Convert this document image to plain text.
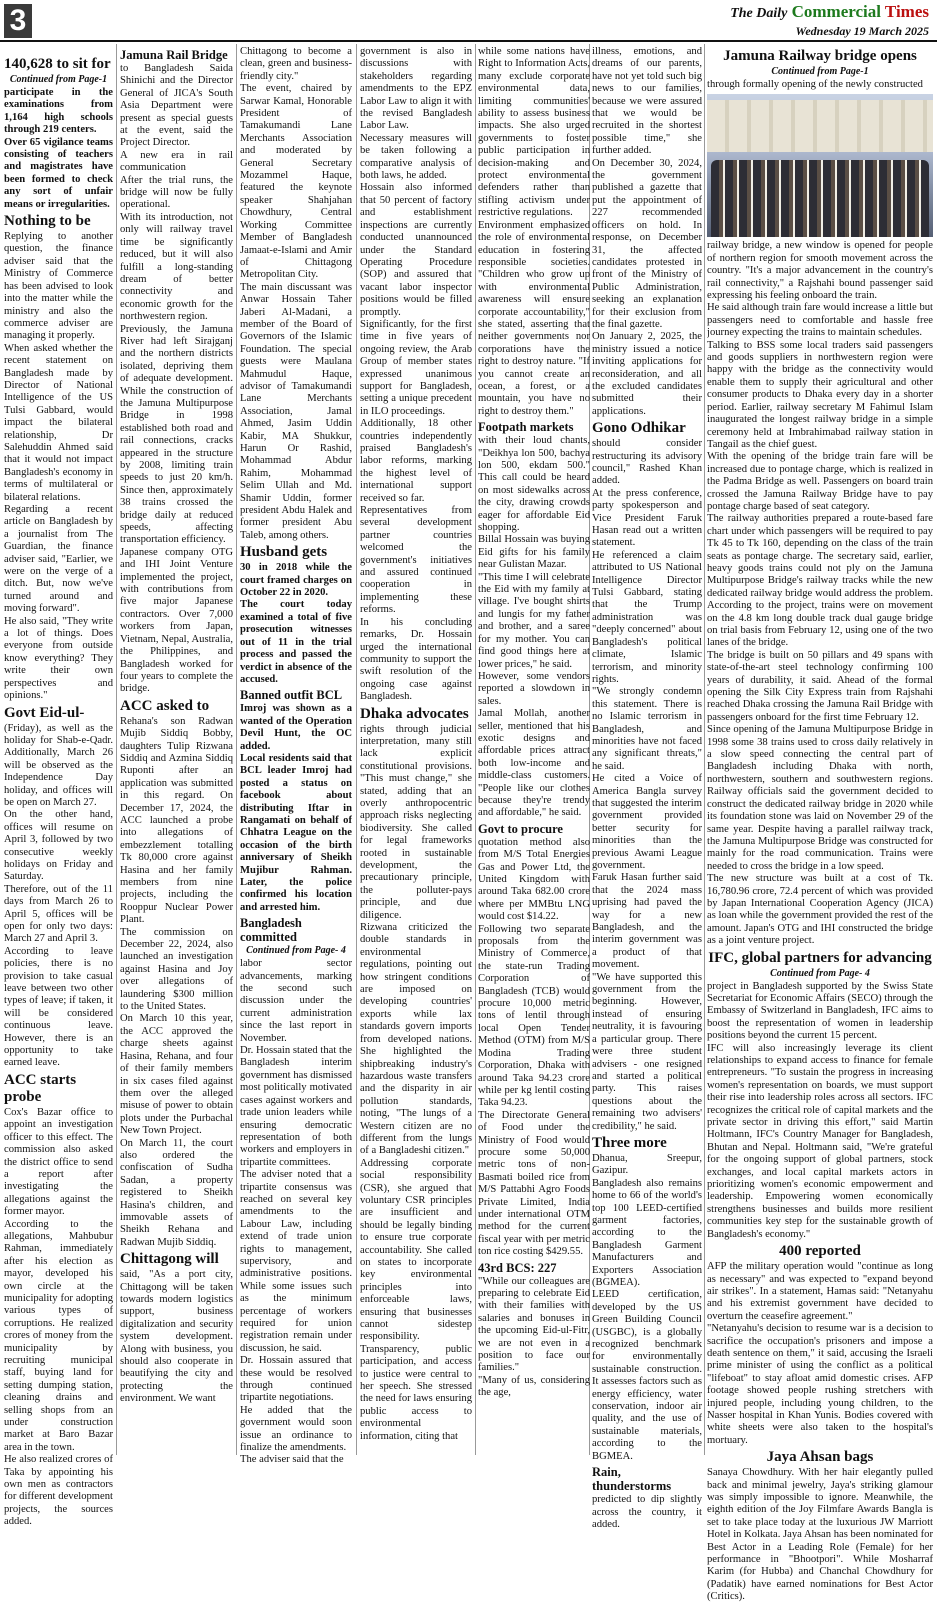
3	The Daily Commercial Times
Wednesday 19 March 2025
140,628 to sit for
Continued from Page-1

participate in the examinations from 1,164 high schools through 219 centers.

Over 65 vigilance teams consisting of teachers and magistrates have been formed to check any sort of unfair means or irregularities.

Nothing to be

Replying to another question, the finance adviser said that the Ministry of Commerce has been advised to look into the matter while the ministry and also the commerce adviser are managing it properly.

When asked whether the recent statement on Bangladesh made by Director of National Intelligence of the US Tulsi Gabbard, would impact the bilateral relationship, Dr Salehuddin Ahmed said that it would not impact Bangladesh's economy in terms of multilateral or bilateral relations.

Regarding a recent article on Bangladesh by a journalist from The Guardian, the finance adviser said, "Earlier, we were on the verge of a ditch. But, now we've turned around and moving forward".

He also said, "They write a lot of things. Does everyone from outside know everything? They write their own perspectives and opinions."

Govt Eid-ul-

(Friday), as well as the holiday for Shab-e-Qadr. Additionally, March 26 will be observed as the Independence Day holiday, and offices will be open on March 27.

On the other hand, offices will resume on April 3, followed by two consecutive weekly holidays on Friday and Saturday.

Therefore, out of the 11 days from March 26 to April 5, offices will be open for only two days: March 27 and April 3.

According to leave policies, there is no provision to take casual leave between two other types of leave; if taken, it will be considered continuous leave. However, there is an opportunity to take earned leave.

ACC starts probe

Cox's Bazar office to appoint an investigation officer to this effect. The commission also asked the district office to send a report after investigating the allegations against the former mayor.

According to the allegations, Mahbubur Rahman, immediately after his election as mayor, developed his own circle at the municipality for adopting various types of corruptions. He realized crores of money from the municipality by recruiting municipal staff, buying land for setting dumping station, cleaning drains and selling shops from an under construction market at Baro Bazar area in the town.

He also realized crores of Taka by appointing his own men as contractors for different development projects, the sources added.

Jamuna Rail Bridge

to Bangladesh Saida Shinichi and the Director General of JICA's South Asia Department were present as special guests at the event, said the Project Director.

A new era in rail communication

After the trial runs, the bridge will now be fully operational.

With its introduction, not only will railway travel time be significantly reduced, but it will also fulfill a long-standing dream of better connectivity and economic growth for the northwestern region.

Previously, the Jamuna River had left Sirajganj and the northern districts isolated, depriving them of adequate development. While the construction of the Jamuna Multipurpose Bridge in 1998 established both road and rail connections, cracks appeared in the structure by 2008, limiting train speeds to just 20 km/h. Since then, approximately 38 trains crossed the bridge daily at reduced speeds, affecting transportation efficiency.

Japanese company OTG and IHI Joint Venture implemented the project, with contributions from five major Japanese contractors. Over 7,000 workers from Japan, Vietnam, Nepal, Australia, the Philippines, and Bangladesh worked for four years to complete the bridge.

ACC asked to

Rehana's son Radwan Mujib Siddiq Bobby, daughters Tulip Rizwana Siddiq and Azmina Siddiq Ruponti after an application was submitted in this regard. On December 17, 2024, the ACC launched a probe into allegations of embezzlement totalling Tk 80,000 crore against Hasina and her family members from nine projects, including the Rooppur Nuclear Power Plant.

The commission on December 22, 2024, also launched an investigation against Hasina and Joy over allegations of laundering $300 million to the United States.

On March 10 this year, the ACC approved the charge sheets against Hasina, Rehana, and four of their family members in six cases filed against them over the alleged misuse of power to obtain plots under the Purbachal New Town Project.

On March 11, the court also ordered the confiscation of Sudha Sadan, a property registered to Sheikh Hasina's children, and immovable assets of Sheikh Rehana and Radwan Mujib Siddiq.

Chittagong will

said, "As a port city, Chittagong will be taken towards modern logistics support, business digitalization and security system development. Along with business, you should also cooperate in beautifying the city and protecting the environment. We want

Chittagong to become a clean, green and business-friendly city."

The event, chaired by Sarwar Kamal, Honorable President of Tamakumandi Lane Merchants Association and moderated by General Secretary Mozammel Haque, featured the keynote speaker Shahjahan Chowdhury, Central Working Committee Member of Bangladesh Jamaat-e-Islami and Amir of Chittagong Metropolitan City.

The main discussant was Anwar Hossain Taher Jaberi Al-Madani, a member of the Board of Governors of the Islamic Foundation. The special guests were Maulana Mahmudul Haque, advisor of Tamakumandi Lane Merchants Association, Jamal Ahmed, Jasim Uddin Kabir, MA Shukkur, Harun Or Rashid, Mohammad Abdur Rahim, Mohammad Selim Ullah and Md. Shamir Uddin, former president Abdu Halek and former president Abu Taleb, among others.

Husband gets

30 in 2018 while the court framed charges on October 22 in 2020.

The court today examined a total of five prosecution witnesses out of 11 in the trial process and passed the verdict in absence of the accused.

Banned outfit BCL

Imroj was shown as a wanted of the Operation Devil Hunt, the OC added.

Local residents said that BCL leader Imroj had posted a status on facebook about distributing Iftar in Rangamati on behalf of Chhatra League on the occasion of the birth anniversary of Sheikh Mujibur Rahman. Later, the police confirmed his location and arrested him.

Bangladesh committed
Continued from Page- 4

labor sector advancements, marking the second such discussion under the current administration since the last report in November.

Dr. Hossain stated that the Bangladesh interim government has dismissed most politically motivated cases against workers and trade union leaders while ensuring democratic representation of both workers and employers in tripartite committees.

The adviser noted that a tripartite consensus was reached on several key amendments to the Labour Law, including extend of trade union rights to management, supervisory, and administrative positions. While some issues such as the minimum percentage of workers required for union registration remain under discussion, he said.

Dr. Hossain assured that these would be resolved through continued tripartite negotiations.

He added that the government would soon issue an ordinance to finalize the amendments.

The adviser said that the

government is also in discussions with stakeholders regarding amendments to the EPZ Labor Law to align it with the revised Bangladesh Labor Law.

Necessary measures will be taken following a comparative analysis of both laws, he added.

Hossain also informed that 50 percent of factory and establishment inspections are currently conducted unannounced under the Standard Operating Procedure (SOP) and assured that vacant labor inspector positions would be filled promptly.

Significantly, for the first time in five years of ongoing review, the Arab Group of member states expressed unanimous support for Bangladesh, setting a unique precedent in ILO proceedings.

Additionally, 18 other countries independently praised Bangladesh's labor reforms, marking the highest level of international support received so far.

Representatives from several development partner countries welcomed the government's initiatives and assured continued cooperation in implementing these reforms.

In his concluding remarks, Dr. Hossain urged the international community to support the swift resolution of the ongoing case against Bangladesh.

Dhaka advocates

rights through judicial interpretation, many still lack explicit constitutional provisions. "This must change," she stated, adding that an overly anthropocentric approach risks neglecting biodiversity. She called for legal frameworks rooted in sustainable development, the precautionary principle, the polluter-pays principle, and due diligence.

Rizwana criticized the double standards in environmental regulations, pointing out how stringent conditions are imposed on developing countries' exports while lax standards govern imports from developed nations. She highlighted the shipbreaking industry's hazardous waste transfers and the disparity in air pollution standards, noting, "The lungs of a Western citizen are no different from the lungs of a Bangladeshi citizen."

Addressing corporate social responsibility (CSR), she argued that voluntary CSR principles are insufficient and should be legally binding to ensure true corporate accountability. She called on states to incorporate key environmental principles into enforceable laws, ensuring that businesses cannot sidestep responsibility.

Transparency, public participation, and access to justice were central to her speech. She stressed the need for laws ensuring public access to environmental information, citing that

while some nations have Right to Information Acts, many exclude corporate environmental data, limiting communities' ability to assess business impacts. She also urged governments to foster public participation in decision-making and protect environmental defenders rather than stifling activism under restrictive regulations.

Environment emphasized the role of environmental education in fostering responsible societies. "Children who grow up with environmental awareness will ensure corporate accountability," she stated, asserting that neither governments nor corporations have the right to destroy nature. "If you cannot create an ocean, a forest, or a mountain, you have no right to destroy them."

Footpath markets

with their loud chants, "Deikhya lon 500, bachya lon 500, ekdam 500." This call could be heard on most sidewalks across the city, drawing crowds eager for affordable Eid shopping.

Billal Hossain was buying Eid gifts for his family near Gulistan Mazar.

"This time I will celebrate the Eid with my family at village. I've bought shirts and lungis for my father and brother, and a saree for my mother. You can find good things here at lower prices," he said.

However, some vendors reported a slowdown in sales.

Jamal Mollah, another seller, mentioned that his exotic designs and affordable prices attract both low-income and middle-class customers. "People like our clothes because they're trendy and affordable," he said.

Govt to procure

quotation method also from M/S Total Energies Gas and Power Ltd, the United Kingdom with around Taka 682.00 crore where per MMBtu LNG would cost $14.22.

Following two separate proposals from the Ministry of Commerce, the state-run Trading Corporation of Bangladesh (TCB) would procure 10,000 metric tons of lentil through local Open Tender Method (OTM) from M/S Modina Trading Corporation, Dhaka with around Taka 94.23 crore while per kg lentil costing Taka 94.23.

The Directorate General of Food under the Ministry of Food would procure some 50,000 metric tons of non-Basmati boiled rice from M/S Pattabhi Agro Foods Private Limited, India under international OTM method for the current fiscal year with per metric ton rice costing $429.55.

43rd BCS: 227

"While our colleagues are preparing to celebrate Eid with their families with salaries and bonuses in the upcoming Eid-ul-Fitr, we are not even in a position to face our families."

"Many of us, considering the age,

illness, emotions, and dreams of our parents, have not yet told such big news to our families, because we were assured that we would be recruited in the shortest possible time," she further added.

On December 30, 2024, the government published a gazette that put the appointment of 227 recommended officers on hold. In response, on December 31, the affected candidates protested in front of the Ministry of Public Administration, seeking an explanation for their exclusion from the final gazette.

On January 2, 2025, the ministry issued a notice inviting applications for reconsideration, and all the excluded candidates submitted their applications.

Gono Odhikar

should consider restructuring its advisory council," Rashed Khan added.

At the press conference, party spokesperson and Vice President Faruk Hasan read out a written statement.

He referenced a claim attributed to US National Intelligence Director Tulsi Gabbard, stating that the Trump administration was "deeply concerned" about Bangladesh's political climate, Islamic terrorism, and minority rights.

"We strongly condemn this statement. There is no Islamic terrorism in Bangladesh, and minorities have not faced any significant threats," he said.

He cited a Voice of America Bangla survey that suggested the interim government provided better security for minorities than the previous Awami League government.

Faruk Hasan further said that the 2024 mass uprising had paved the way for a new Bangladesh, and the interim government was a product of that movement.

"We have supported this government from the beginning. However, instead of ensuring neutrality, it is favouring a particular group. There were three student advisers - one resigned and started a political party. This raises questions about the remaining two advisers' credibility," he said.

Three more

Dhanua, Sreepur, Gazipur.

Bangladesh also remains home to 66 of the world's top 100 LEED-certified garment factories, according to the Bangladesh Garment Manufacturers and Exporters Association (BGMEA).

LEED certification, developed by the US Green Building Council (USGBC), is a globally recognized benchmark for environmentally sustainable construction. It assesses factors such as energy efficiency, water conservation, indoor air quality, and the use of sustainable materials, according to the BGMEA.

Rain, thunderstorms

predicted to dip slightly across the country, it added.

Jamuna Railway bridge opens
Continued from Page-1

through formally opening of the newly constructed

railway bridge, a new window is opened for people of northern region for smooth movement across the country. "It's a major advancement in the country's rail connectivity," a Rajshahi bound passenger said expressing his feeling onboard the train.

He said although train fare would increase a little but passengers need to comfortable and hassle free journey expecting the trains to maintain schedules.

Talking to BSS some local traders said passengers and goods suppliers in northwestern region were happy with the bridge as the connectivity would enable them to supply their agricultural and other consumer products to Dhaka every day in a shorter period. Earlier, railway secretary M Fahimul Islam inaugurated the longest railway bridge in a simple ceremony held at Imbrahimabad railway station in Tangail as the chief guest.

With the opening of the bridge train fare will be increased due to pontage charge, which is realized in the Padma Bridge as well. Passengers on board train crossed the Jamuna Railway Bridge have to pay pontage charge based of seat category.

The railway authorities prepared a route-based fare chart under which passengers will be required to pay Tk 45 to Tk 160, depending on the class of the train seats as pontage charge. The secretary said, earlier, heavy goods trains could not ply on the Jamuna Multipurpose Bridge's railway tracks while the new dedicated railway bridge would address the problem. According to the project, trains were on movement on the 4.8 km long double track dual gauge bridge on trial basis from February 12, using one of the two lanes of the bridge.

The bridge is built on 50 pillars and 49 spans with state-of-the-art steel technology confirming 100 years of durability, it said. Ahead of the formal opening the Silk City Express train from Rajshahi reached Dhaka crossing the Jamuna Rail Bridge with passengers onboard for the first time February 12.

Since opening of the Jamuna Multipurpose Bridge in 1998 some 38 trains used to cross daily relatively in a slow speed connecting the central part of Bangladesh including Dhaka with north, northwestern, southern and southwestern regions. Railway officials said the government decided to construct the dedicated railway bridge in 2020 while its foundation stone was laid on November 29 of the same year. Despite having a parallel railway track, the Jamuna Multipurpose Bridge was constructed for mainly for the road communication. Trains were needed to cross the bridge in a low speed.

The new structure was built at a cost of Tk. 16,780.96 crore, 72.4 percent of which was provided by Japan International Cooperation Agency (JICA) as loan while the government provided the rest of the amount. Japan's OTG and IHI constructed the bridge as a joint venture project.

IFC, global partners for advancing
Continued from Page- 4

project in Bangladesh supported by the Swiss State Secretariat for Economic Affairs (SECO) through the Embassy of Switzerland in Bangladesh, IFC aims to boost the representation of women in leadership positions beyond the current 15 percent.

IFC will also increasingly leverage its client relationships to expand access to finance for female entrepreneurs. "To sustain the progress in increasing women's representation on boards, we must support their rise into leadership roles across all sectors. IFC recognizes the critical role of capital markets and the private sector in driving this effort," said Martin Holtmann, IFC's Country Manager for Bangladesh, Bhutan and Nepal. Holtmann said, "We're grateful for the ongoing support of global partners, stock exchanges, and local capital markets actors in prioritizing women's economic empowerment and leadership. Empowering women economically strengthens businesses and builds more resilient communities key step for the sustainable growth of Bangladesh's economy."

400 reported

AFP the military operation would "continue as long as necessary" and was expected to "expand beyond air strikes". In a statement, Hamas said: "Netanyahu and his extremist government have decided to overturn the ceasefire agreement."

"Netanyahu's decision to resume war is a decision to sacrifice the occupation's prisoners and impose a death sentence on them," it said, accusing the Israeli prime minister of using the conflict as a political "lifeboat" to stay afloat amid domestic crises. AFP footage showed people rushing stretchers with injured people, including young children, to the Nasser hospital in Khan Yunis. Bodies covered with white sheets were also taken to the hospital's mortuary.

Jaya Ahsan bags

Sanaya Chowdhury. With her hair elegantly pulled back and minimal jewelry, Jaya's striking glamour was simply impossible to ignore. Meanwhile, the eighth edition of the Joy Filmfare Awards Bangla is set to take place today at the luxurious JW Marriott Hotel in Kolkata. Jaya Ahsan has been nominated for Best Actor in a Leading Role (Female) for her performance in "Bhootpori". While Mosharraf Karim (for Hubba) and Chanchal Chowdhury for (Padatik) have earned nominations for Best Actor (Critics).
